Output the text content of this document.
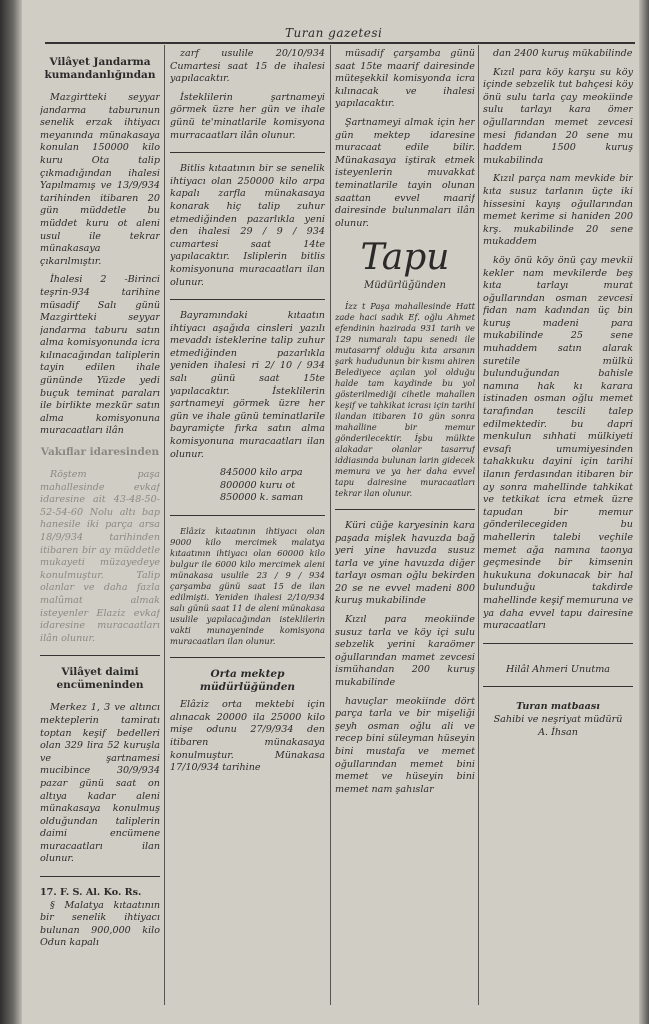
Turan gazetesi
Vilâyet Jandarma kumandanlığından

Mazgirtteki seyyar jandarma taburunun senelik erzak ihtiyacı meyanında münakasaya konulan 150000 kilo kuru Ota talip çıkmadığından ihalesi Yapılmamış ve 13/9/934 tarihinden itibaren 20 gün müddetle bu müddet kuru ot aleni usul ile tekrar münakasaya çıkarılmıştır.

İhalesi 2 -Birinci teşrin-934 tarihine müsadif Salı günü Mazgirtteki seyyar jandarma taburu satın alma komisyonunda icra kılınacağından taliplerin tayin edilen ihale gününde Yüzde yedi buçuk teminat paraları ile birlikte mezkür satın alma komisyonuna muracaatları ilân

Vakıflar idaresinden

Röştem paşa mahallesinde evkaf idaresine ait 43-48-50-52-54-60 Nolu altı bap hanesile iki parça arsa 18/9/934 tarihinden itibaren bir ay müddetle mukayeti müzayedeye konulmuştur. Talip olanlar ve daha fazla malûmat almak isteyenler Elaziz evkaf idaresine muracaatları ilân olunur.

Vilâyet daimi encümeninden

Merkez 1, 3 ve altıncı mekteplerin tamiratı toptan keşif bedelleri olan 329 lira 52 kuruşla ve şartnamesi mucibince 30/9/934 pazar günü saat on altıya kadar aleni münakasaya konulmuş olduğundan taliplerin daimi encümene muracaatları ilan olunur.

17. F. S. Al. Ko. Rs.

§ Malatya kıtaatının bir senelik ihtiyacı bulunan 900,000 kilo Odun kapalı

zarf usulile 20/10/934 Cumartesi saat 15 de ihalesi yapılacaktır.

İsteklilerin şartnameyi görmek üzre her gün ve ihale günü te'minatlarile komisyona murracaatları ilân olunur.

Bitlis kıtaatının bir se senelik ihtiyacı olan 250000 kilo arpa kapalı zarfla münakasaya konarak hiç talip zuhur etmediğinden pazarlıkla yeni den ihalesi 29 / 9 / 934 cumartesi saat 14te yapılacaktır. Isliplerin bitlis komisyonuna muracaatları ilan olunur.

Bayramındaki kıtaatın ihtiyacı aşağıda cinsleri yazılı mevaddı isteklerine talip zuhur etmediğinden pazarlıkla yeniden ihalesi ri 2/ 10 / 934 salı günü saat 15te yapılacaktır. İsteklilerin şartnameyi görmek üzre her gün ve ihale günü teminatlarile bayramiçte fırka satın alma komisyonuna muracaatları ilan olunur.

845000 kilo arpa
800000 kuru ot
850000 k. saman

Elâziz kıtaatının ihtiyacı olan 9000 kilo mercimek malatya kıtaatının ihtiyacı olan 60000 kilo bulgur ile 6000 kilo mercimek aleni münakasa usulile 23 / 9 / 934 çarşamba günü saat 15 de ilan edilmişti. Yeniden ihalesi 2/10/934 salı günü saat 11 de aleni münakasa usulile yapılacağından isteklilerin vakti munayeninde komisyona muracaatları ilan olunur.

Orta mektep müdürlüğünden

Elâziz orta mektebi için alınacak 20000 ila 25000 kilo mişe odunu 27/9/934 den itibaren münakasaya konulmuştur. Münakasa 17/10/934 tarihine

müsadif çarşamba günü saat 15te maarif dairesinde müteşekkil komisyonda icra kılınacak ve ihalesi yapılacaktır.

Şartnameyi almak için her gün mektep idaresine muracaat edile bilir. Münakasaya iştirak etmek isteyenlerin muvakkat teminatlarile tayin olunan saattan evvel maarif dairesinde bulunmaları ilân olunur.

Tapu
Müdürlüğünden

İzz t Paşa mahallesinde Hatt zade haci sadık Ef. oğlu Ahmet efendinin hazirada 931 tarih ve 129 numaralı tapu senedi ile mutasarrıf olduğu kıta arsanın şark hududunun bir kısmı ahiren Belediyece açılan yol olduğu halde tam kaydinde bu yol gösterilmediği cihetle mahallen keşif ve tahkikat icrası için tarihi ilandan itibaren 10 gün sonra mahalline bir memur gönderilecektir. İşbu mülkte alakadar olanlar tasarruf iddiasında bulunan larin gidecek memura ve ya her daha evvel tapu dairesine muracaatları tekrar ilan olunur.

Küri cüğe karyesinin kara paşada mişlek havuzda bağ yeri yine havuzda susuz tarla ve yine havuzda diğer tarlayı osman oğlu bekirden 20 se ne evvel madeni 800 kuruş mukabilinde

Kızıl para meokiinde susuz tarla ve köy içi sulu sebzelik yerini karaömer oğullarından mamet zevcesi ismühandan 200 kuruş mukabilinde

havuçlar meokiinde dört parça tarla ve bir mişeliği şeyh osman oğlu ali ve recep bini süleyman hüseyin bini mustafa ve memet oğullarından memet bini memet ve hüseyin bini memet nam şahıslar

dan 2400 kuruş mükabilinde

Kızıl para köy karşu su köy içinde sebzelik tut bahçesi köy önü sulu tarla çay meokiinde sulu tarlayı kara ömer oğullarından memet zevcesi mesi fidandan 20 sene mu haddem 1500 kuruş mukabilinda

Kızıl parça nam mevkide bir kıta susuz tarlanın üçte iki hissesini kayış oğullarından memet kerime si haniden 200 krş. mukabilinde 20 sene mukaddem

köy önü köy önü çay mevkii kekler nam mevkilerde beş kıta tarlayı murat oğullarından osman zevcesi fidan nam kadından üç bin kuruş madeni para mukabilinde 25 sene muhaddem satın alarak suretile mülkü bulunduğundan bahisle namına hak kı karara istinaden osman oğlu memet tarafından tescili talep edilmektedir. bu dapri menkulun sıhhati mülkiyeti evsafı umumiyesinden tahakkuku dayini için tarihi ilanın ferdasından itibaren bir ay sonra mahellinde tahkikat ve tetkikat icra etmek üzre tapudan bir memur gönderilecegiden bu mahellerin talebi veçhile memet ağa namına taonya geçmesinde bir kimsenin hukukuna dokunacak bir hal bulunduğu takdirde mahellinde keşif memuruna ve ya daha evvel tapu dairesine muracaatları

Hilâl Ahmeri Unutma
Turan matbaası
Sahibi ve neşriyat müdürü
A. İhsan
